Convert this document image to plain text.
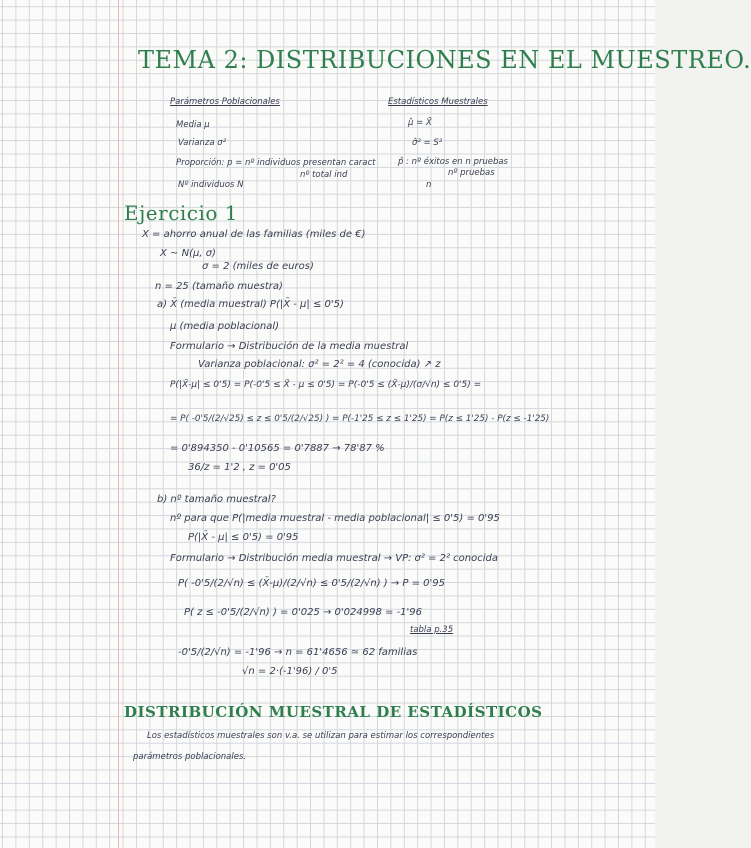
TEMA 2: DISTRIBUCIONES EN EL MUESTREO.
Parámetros Poblacionales	Estadísticos Muestrales
Media μ
Varianza σ²
Proporción: p = nº individuos presentan caract
nº total ind
Nº individuos N
μ̂ = X̄
σ̂² = S²
p̂ : nº éxitos en n pruebas
nº pruebas
n
Ejercicio 1
X = ahorro anual de las familias (miles de €)
X ~ N(μ, σ)
σ = 2 (miles de euros)
n = 25 (tamaño muestra)
a) X̄ (media muestral) P(|X̄ - μ| ≤ 0'5)
μ (media poblacional)
Formulario → Distribución de la media muestral
Varianza poblacional: σ² = 2² = 4 (conocida) ↗ z
P(|X̄-μ| ≤ 0'5) = P(-0'5 ≤ X̄ - μ ≤ 0'5) = P(-0'5 ≤ (X̄-μ)/(σ/√n) ≤ 0'5) =
= P( -0'5/(2/√25) ≤ z ≤ 0'5/(2/√25) ) = P(-1'25 ≤ z ≤ 1'25) = P(z ≤ 1'25) - P(z ≤ -1'25)
= 0'894350 - 0'10565 = 0'7887 → 78'87 %
36/z = 1'2 , z = 0'05
b) nº tamaño muestral?
nº para que P(|media muestral - media poblacional| ≤ 0'5) = 0'95
P(|X̄ - μ| ≤ 0'5) = 0'95
Formulario → Distribución media muestral → VP: σ² = 2² conocida
P( -0'5/(2/√n) ≤ (X̄-μ)/(2/√n) ≤ 0'5/(2/√n) ) → P = 0'95
P( z ≤ -0'5/(2/√n) ) = 0'025 → 0'024998 = -1'96
tabla p.35
-0'5/(2/√n) = -1'96 → n = 61'4656 ≃ 62 familias
√n = 2·(-1'96) / 0'5
DISTRIBUCIÓN MUESTRAL DE ESTADÍSTICOS
Los estadísticos muestrales son v.a. se utilizan para estimar los correspondientes
parámetros poblacionales.
